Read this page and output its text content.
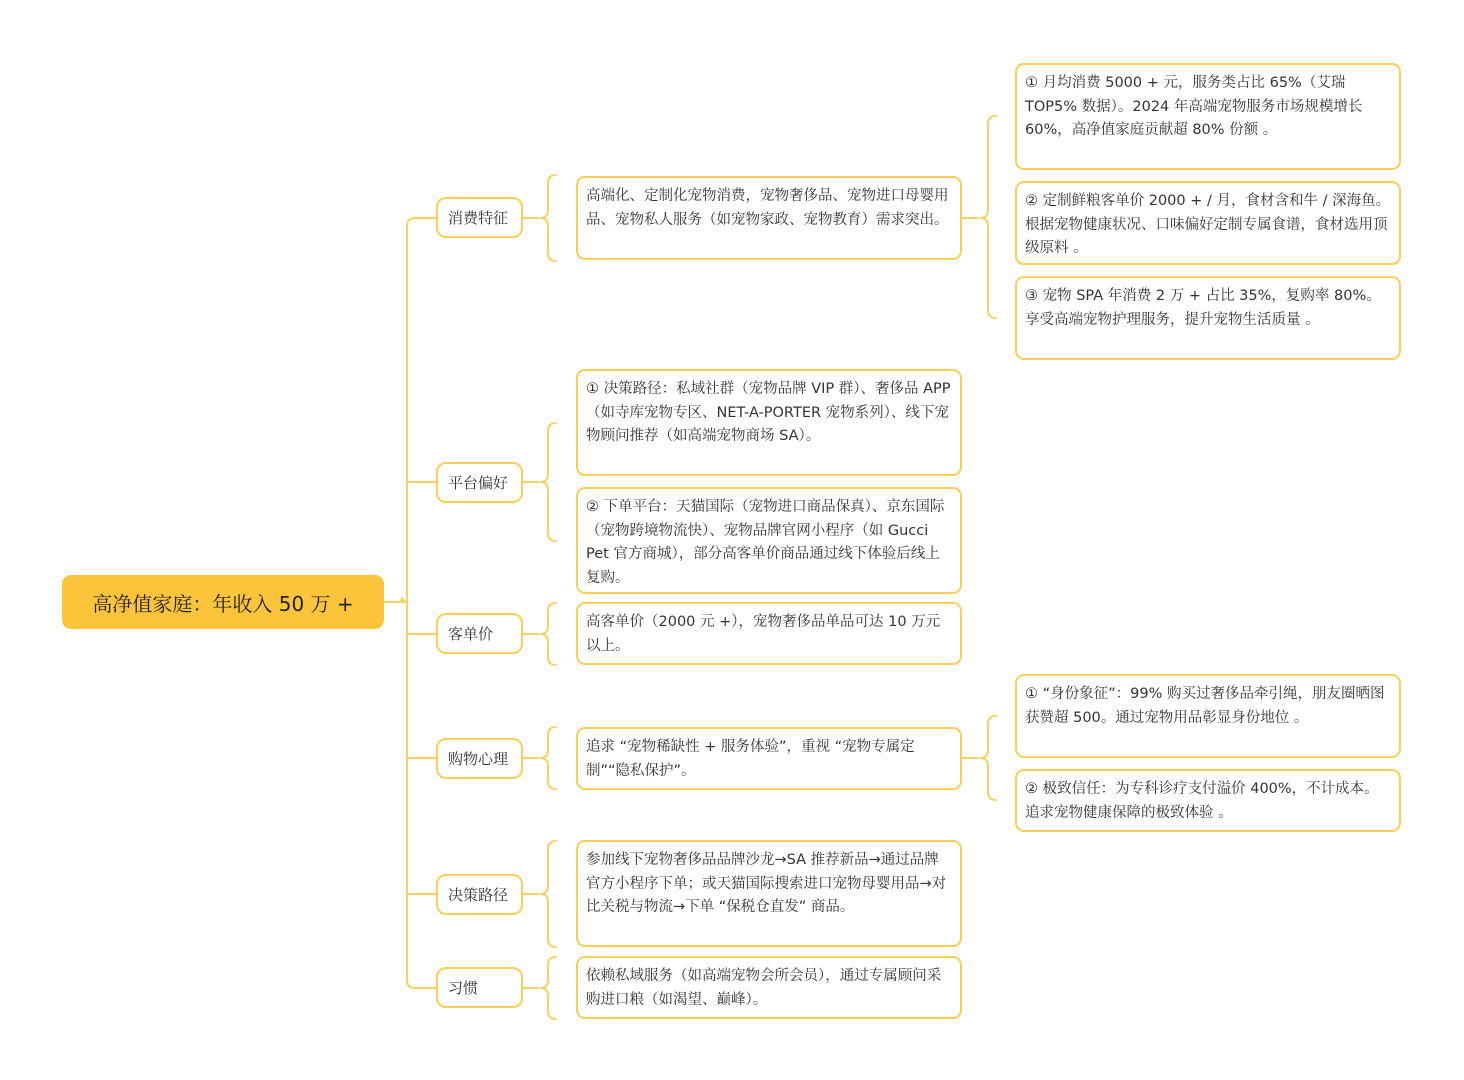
高净值家庭：年收入 50 万 +
消费特征
平台偏好
客单价
购物心理
决策路径
习惯
高端化、定制化宠物消费，宠物奢侈品、宠物进口母婴用品、宠物私人服务（如宠物家政、宠物教育）需求突出。
① 决策路径：私域社群（宠物品牌 VIP 群）、奢侈品 APP（如寺库宠物专区、NET-A-PORTER 宠物系列）、线下宠物顾问推荐（如高端宠物商场 SA）。
② 下单平台：天猫国际（宠物进口商品保真）、京东国际（宠物跨境物流快）、宠物品牌官网小程序（如 Gucci Pet 官方商城），部分高客单价商品通过线下体验后线上复购。
高客单价（2000 元 +），宠物奢侈品单品可达 10 万元以上。
追求 “宠物稀缺性 + 服务体验”，重视 “宠物专属定制”“隐私保护”。
参加线下宠物奢侈品品牌沙龙→SA 推荐新品→通过品牌官方小程序下单；或天猫国际搜索进口宠物母婴用品→对比关税与物流→下单 “保税仓直发” 商品。
依赖私域服务（如高端宠物会所会员），通过专属顾问采购进口粮（如渴望、巅峰）。
① 月均消费 5000 + 元，服务类占比 65%（艾瑞 TOP5% 数据）。2024 年高端宠物服务市场规模增长 60%，高净值家庭贡献超 80% 份额 。
② 定制鲜粮客单价 2000 + / 月，食材含和牛 / 深海鱼。根据宠物健康状况、口味偏好定制专属食谱，食材选用顶级原料 。
③ 宠物 SPA 年消费 2 万 + 占比 35%，复购率 80%。享受高端宠物护理服务，提升宠物生活质量 。
① “身份象征”：99% 购买过奢侈品牵引绳，朋友圈晒图获赞超 500。通过宠物用品彰显身份地位 。
② 极致信任：为专科诊疗支付溢价 400%，不计成本。追求宠物健康保障的极致体验 。
